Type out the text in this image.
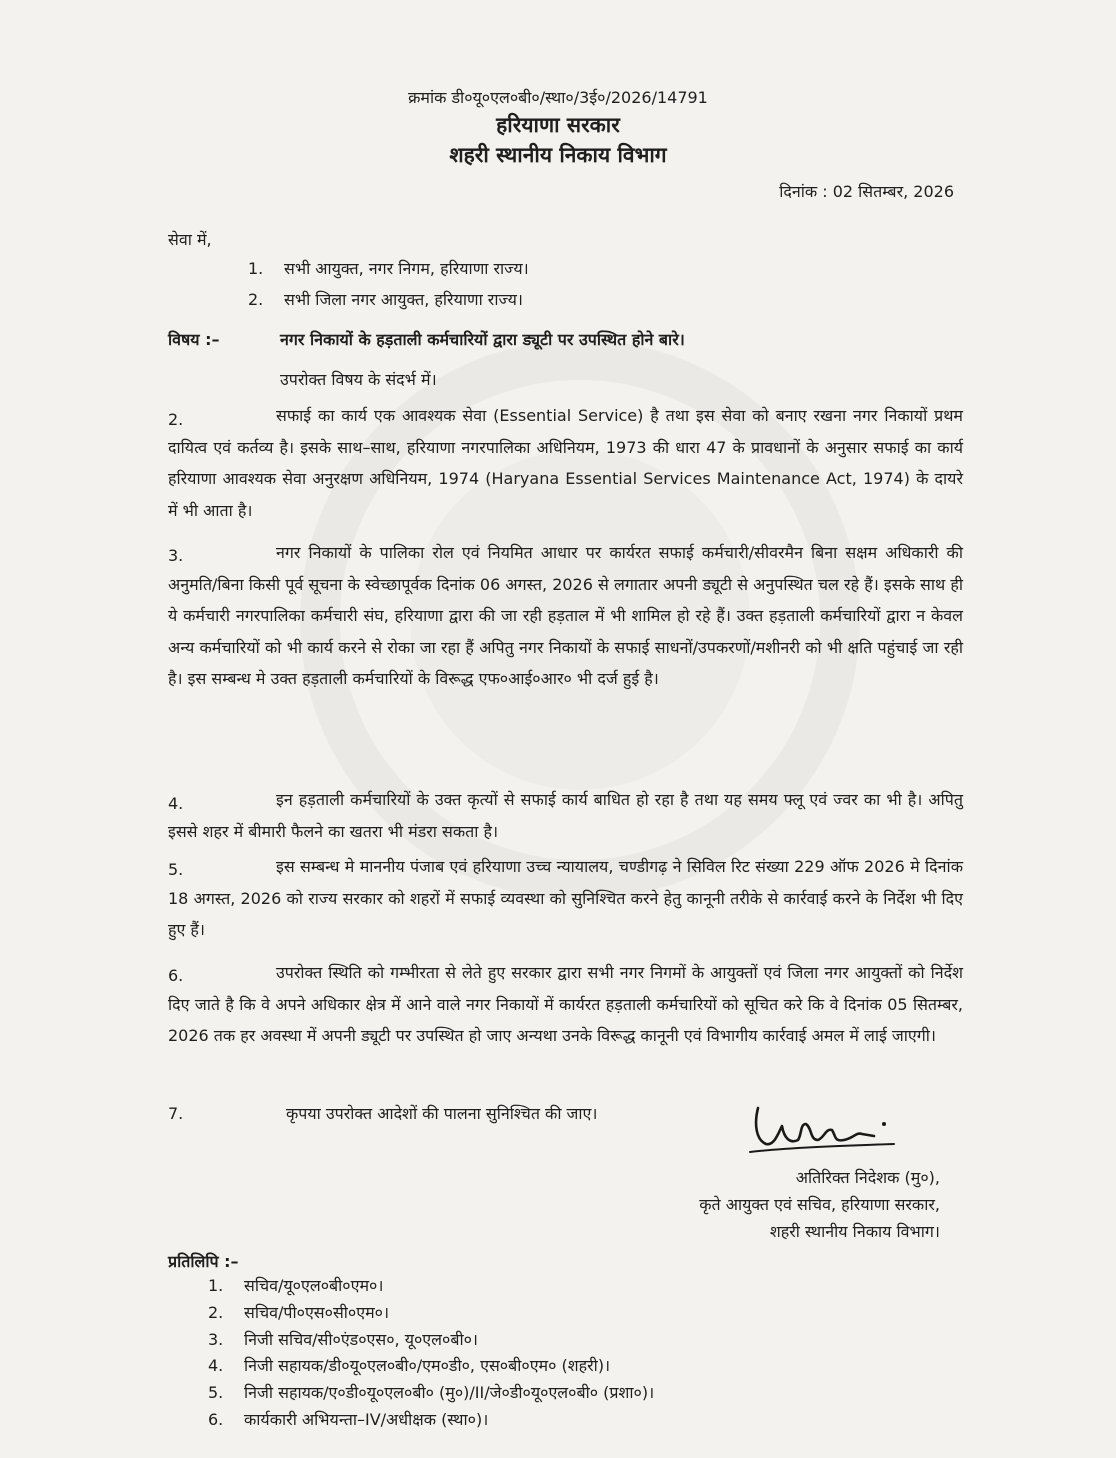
क्रमांक डी०यू०एल०बी०/स्था०/3ई०/2026/14791
हरियाणा सरकार
शहरी स्थानीय निकाय विभाग
दिनांक : 02 सितम्बर, 2026
सेवा में,
1. सभी आयुक्त, नगर निगम, हरियाणा राज्य।
2. सभी जिला नगर आयुक्त, हरियाणा राज्य।
विषय :–	नगर निकायों के हड़ताली कर्मचारियों द्वारा ड्यूटी पर उपस्थित होने बारे।
उपरोक्त विषय के संदर्भ में।
2.	सफाई का कार्य एक आवश्यक सेवा (Essential Service) है तथा इस सेवा को बनाए रखना नगर निकायों प्रथम दायित्व एवं कर्तव्य है। इसके साथ–साथ, हरियाणा नगरपालिका अधिनियम, 1973 की धारा 47 के प्रावधानों के अनुसार सफाई का कार्य हरियाणा आवश्यक सेवा अनुरक्षण अधिनियम, 1974 (Haryana Essential Services Maintenance Act, 1974) के दायरे में भी आता है।
3.	नगर निकायों के पालिका रोल एवं नियमित आधार पर कार्यरत सफाई कर्मचारी/सीवरमैन बिना सक्षम अधिकारी की अनुमति/बिना किसी पूर्व सूचना के स्वेच्छापूर्वक दिनांक 06 अगस्त, 2026 से लगातार अपनी ड्यूटी से अनुपस्थित चल रहे हैं। इसके साथ ही ये कर्मचारी नगरपालिका कर्मचारी संघ, हरियाणा द्वारा की जा रही हड़ताल में भी शामिल हो रहे हैं। उक्त हड़ताली कर्मचारियों द्वारा न केवल अन्य कर्मचारियों को भी कार्य करने से रोका जा रहा हैं अपितु नगर निकायों के सफाई साधनों/उपकरणों/मशीनरी को भी क्षति पहुंचाई जा रही है। इस सम्बन्ध मे उक्त हड़ताली कर्मचारियों के विरूद्ध एफ०आई०आर० भी दर्ज हुई है।
4.	इन हड़ताली कर्मचारियों के उक्त कृत्यों से सफाई कार्य बाधित हो रहा है तथा यह समय फ्लू एवं ज्वर का भी है। अपितु इससे शहर में बीमारी फैलने का खतरा भी मंडरा सकता है।
5.	इस सम्बन्ध मे माननीय पंजाब एवं हरियाणा उच्च न्यायालय, चण्डीगढ़ ने सिविल रिट संख्या 229 ऑफ 2026 मे दिनांक 18 अगस्त, 2026 को राज्य सरकार को शहरों में सफाई व्यवस्था को सुनिश्चित करने हेतु कानूनी तरीके से कार्रवाई करने के निर्देश भी दिए हुए हैं।
6.	उपरोक्त स्थिति को गम्भीरता से लेते हुए सरकार द्वारा सभी नगर निगमों के आयुक्तों एवं जिला नगर आयुक्तों को निर्देश दिए जाते है कि वे अपने अधिकार क्षेत्र में आने वाले नगर निकायों में कार्यरत हड़ताली कर्मचारियों को सूचित करे कि वे दिनांक 05 सितम्बर, 2026 तक हर अवस्था में अपनी ड्यूटी पर उपस्थित हो जाए अन्यथा उनके विरूद्ध कानूनी एवं विभागीय कार्रवाई अमल में लाई जाएगी।
7.	कृपया उपरोक्त आदेशों की पालना सुनिश्चित की जाए।
अतिरिक्त निदेशक (मु०),
कृते आयुक्त एवं सचिव, हरियाणा सरकार,
शहरी स्थानीय निकाय विभाग।
प्रतिलिपि :–
1. सचिव/यू०एल०बी०एम०।
2. सचिव/पी०एस०सी०एम०।
3. निजी सचिव/सी०एंड०एस०, यू०एल०बी०।
4. निजी सहायक/डी०यू०एल०बी०/एम०डी०, एस०बी०एम० (शहरी)।
5. निजी सहायक/ए०डी०यू०एल०बी० (मु०)/II/जे०डी०यू०एल०बी० (प्रशा०)।
6. कार्यकारी अभियन्ता–IV/अधीक्षक (स्था०)।
